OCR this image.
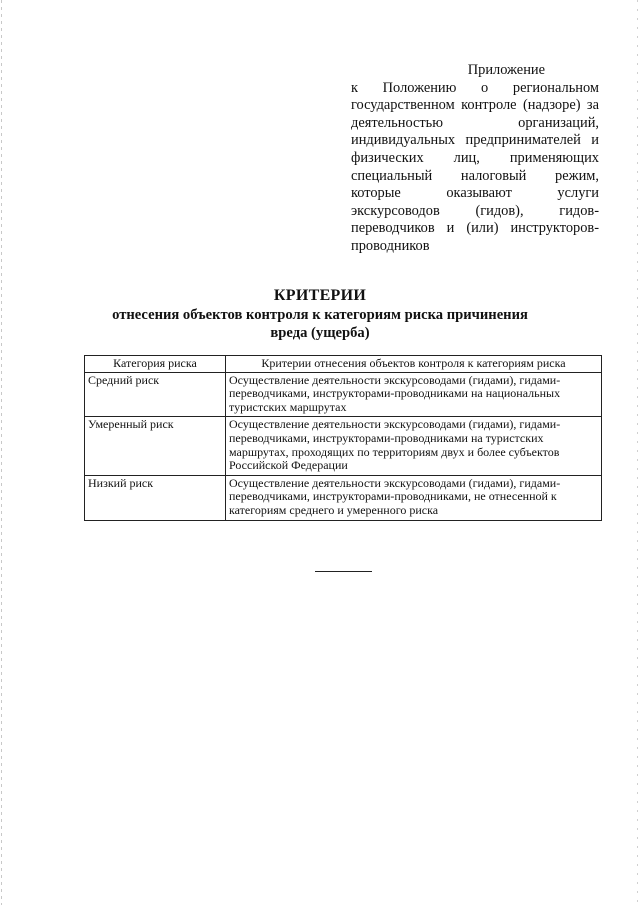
Приложение
к Положению о региональном государственном контроле (надзоре) за деятельностью организаций, индивидуальных предпринимателей и физических лиц, применяющих специальный налоговый режим, которые оказывают услуги экскурсоводов (гидов), гидов-переводчиков и (или) инструкторов-проводников
КРИТЕРИИ
отнесения объектов контроля к категориям риска причинения вреда (ущерба)
Категория риска	Критерии отнесения объектов контроля к категориям риска
Средний риск	Осуществление деятельности экскурсоводами (гидами), гидами-переводчиками, инструкторами-проводниками на национальных туристских маршрутах
Умеренный риск	Осуществление деятельности экскурсоводами (гидами), гидами-переводчиками, инструкторами-проводниками на туристских маршрутах, проходящих по территориям двух и более субъектов Российской Федерации
Низкий риск	Осуществление деятельности экскурсоводами (гидами), гидами-переводчиками, инструкторами-проводниками, не отнесенной к категориям среднего и умеренного риска
